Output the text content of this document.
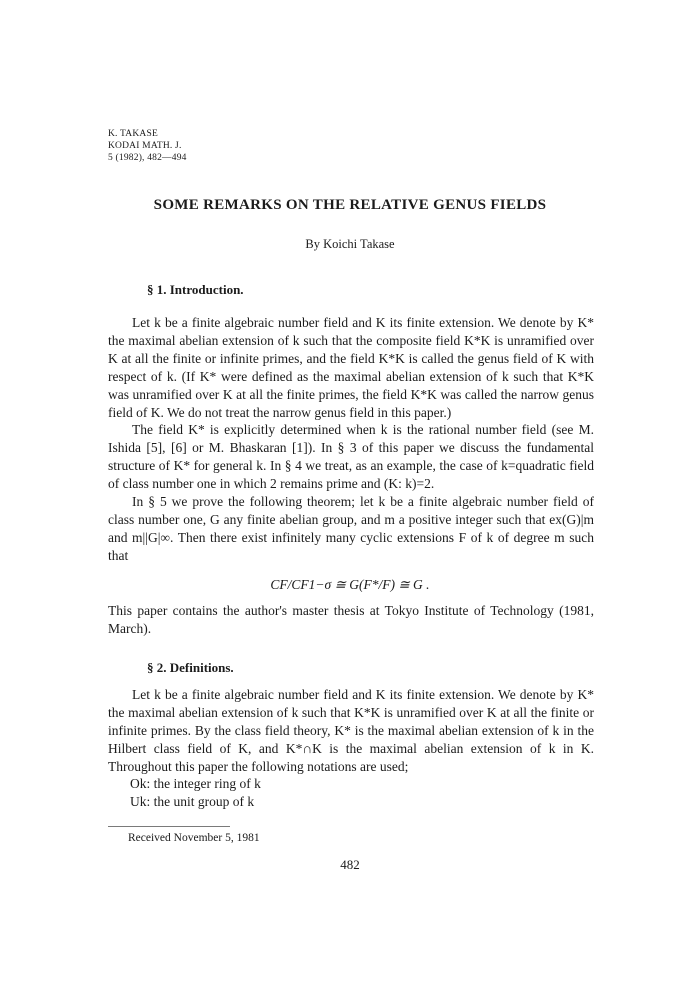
K. TAKASE
KODAI MATH. J.
5 (1982), 482—494
SOME REMARKS ON THE RELATIVE GENUS FIELDS
By Koichi Takase
§ 1. Introduction.

Let k be a finite algebraic number field and K its finite extension. We denote by K* the maximal abelian extension of k such that the composite field K*K is unramified over K at all the finite or infinite primes, and the field K*K is called the genus field of K with respect of k. (If K* were defined as the maximal abelian extension of k such that K*K was unramified over K at all the finite primes, the field K*K was called the narrow genus field of K. We do not treat the narrow genus field in this paper.)

The field K* is explicitly determined when k is the rational number field (see M. Ishida [5], [6] or M. Bhaskaran [1]). In § 3 of this paper we discuss the fundamental structure of K* for general k. In § 4 we treat, as an example, the case of k=quadratic field of class number one in which 2 remains prime and (K: k)=2.

In § 5 we prove the following theorem; let k be a finite algebraic number field of class number one, G any finite abelian group, and m a positive integer such that ex(G)|m and m||G|∞. Then there exist infinitely many cyclic extensions F of k of degree m such that

CF/CF1−σ ≅ G(F*/F) ≅ G .

This paper contains the author's master thesis at Tokyo Institute of Technology (1981, March).

§ 2. Definitions.

Let k be a finite algebraic number field and K its finite extension. We denote by K* the maximal abelian extension of k such that K*K is unramified over K at all the finite or infinite primes. By the class field theory, K* is the maximal abelian extension of k in the Hilbert class field of K, and K*∩K is the maximal abelian extension of k in K. Throughout this paper the following notations are used;

Ok: the integer ring of k
Uk: the unit group of k
Received November 5, 1981
482
